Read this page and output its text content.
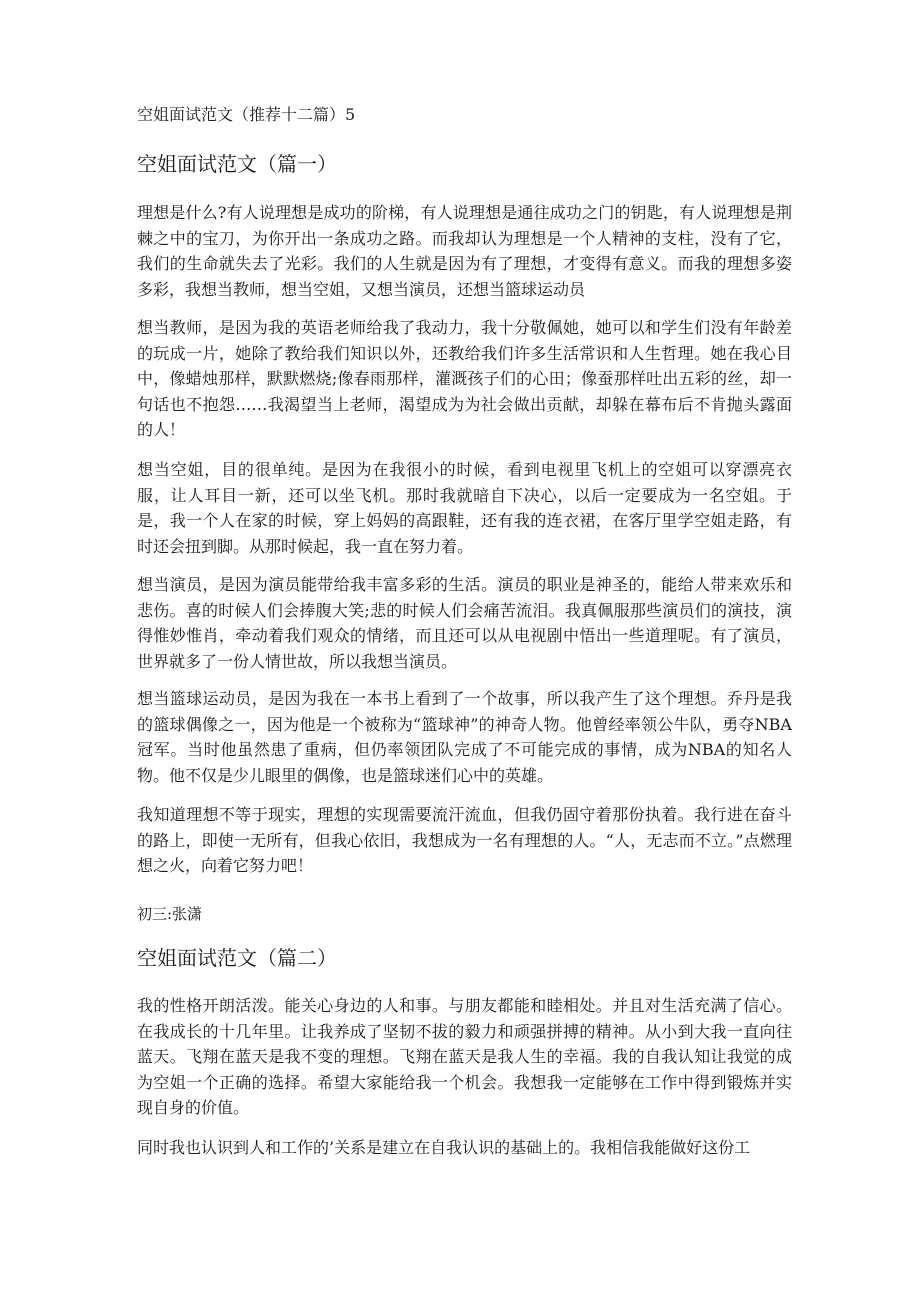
空姐面试范文（推荐十二篇）5
空姐面试范文（篇一）

理想是什么?有人说理想是成功的阶梯，有人说理想是通往成功之门的钥匙，有人说理想是荆棘之中的宝刀，为你开出一条成功之路。而我却认为理想是一个人精神的支柱，没有了它，我们的生命就失去了光彩。我们的人生就是因为有了理想，才变得有意义。而我的理想多姿多彩，我想当教师，想当空姐，又想当演员，还想当篮球运动员

想当教师，是因为我的英语老师给我了我动力，我十分敬佩她，她可以和学生们没有年龄差的玩成一片，她除了教给我们知识以外，还教给我们许多生活常识和人生哲理。她在我心目中，像蜡烛那样，默默燃烧;像春雨那样，灌溉孩子们的心田；像蚕那样吐出五彩的丝，却一句话也不抱怨……我渴望当上老师，渴望成为为社会做出贡献，却躲在幕布后不肯抛头露面的人！

想当空姐，目的很单纯。是因为在我很小的时候，看到电视里飞机上的空姐可以穿漂亮衣服，让人耳目一新，还可以坐飞机。那时我就暗自下决心，以后一定要成为一名空姐。于是，我一个人在家的时候，穿上妈妈的高跟鞋，还有我的连衣裙，在客厅里学空姐走路，有时还会扭到脚。从那时候起，我一直在努力着。

想当演员，是因为演员能带给我丰富多彩的生活。演员的职业是神圣的，能给人带来欢乐和悲伤。喜的时候人们会捧腹大笑;悲的时候人们会痛苦流泪。我真佩服那些演员们的演技，演得惟妙惟肖，牵动着我们观众的情绪，而且还可以从电视剧中悟出一些道理呢。有了演员，世界就多了一份人情世故，所以我想当演员。

想当篮球运动员，是因为我在一本书上看到了一个故事，所以我产生了这个理想。乔丹是我的篮球偶像之一，因为他是一个被称为“篮球神”的神奇人物。他曾经率领公牛队，勇夺NBA冠军。当时他虽然患了重病，但仍率领团队完成了不可能完成的事情，成为NBA的知名人物。他不仅是少儿眼里的偶像，也是篮球迷们心中的英雄。

我知道理想不等于现实，理想的实现需要流汗流血，但我仍固守着那份执着。我行进在奋斗的路上，即使一无所有，但我心依旧，我想成为一名有理想的人。“人，无志而不立。”点燃理想之火，向着它努力吧！

初三:张潇
空姐面试范文（篇二）

我的性格开朗活泼。能关心身边的人和事。与朋友都能和睦相处。并且对生活充满了信心。在我成长的十几年里。让我养成了坚韧不拔的毅力和顽强拼搏的精神。从小到大我一直向往蓝天。飞翔在蓝天是我不变的理想。飞翔在蓝天是我人生的幸福。我的自我认知让我觉的成为空姐一个正确的选择。希望大家能给我一个机会。我想我一定能够在工作中得到锻炼并实现自身的价值。

同时我也认识到人和工作的’关系是建立在自我认识的基础上的。我相信我能做好这份工
